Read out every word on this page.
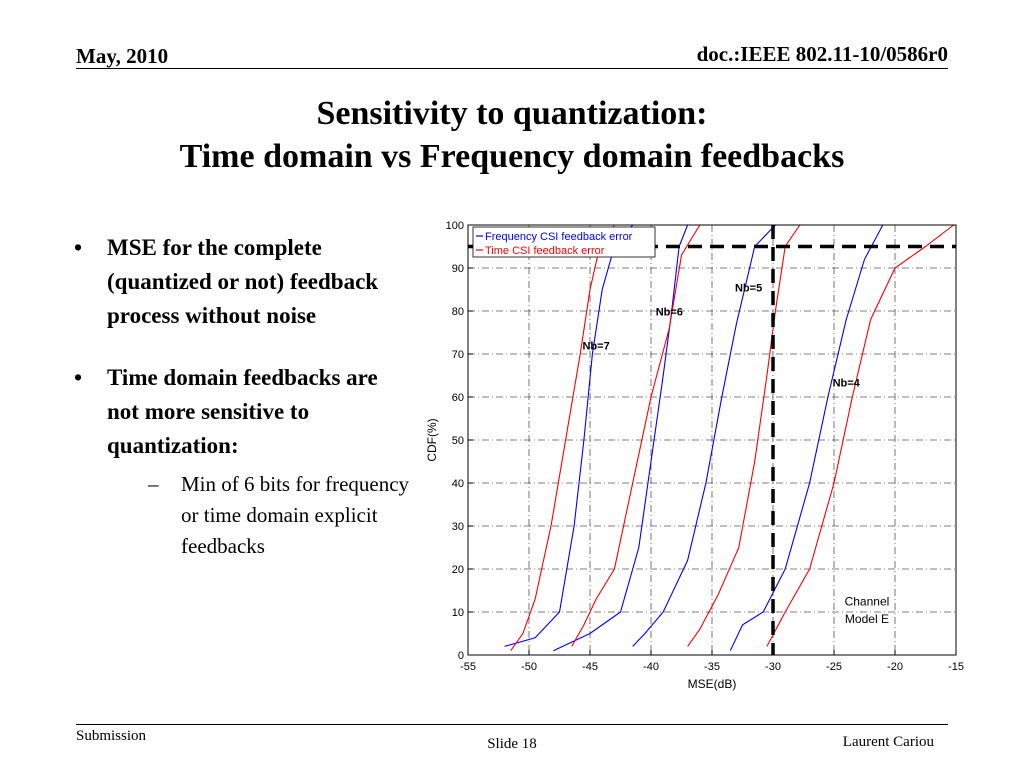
May, 2010	doc.:IEEE 802.11-10/0586r0
Sensitivity to quantization:
Time domain vs Frequency domain feedbacks
• MSE for the complete (quantized or not) feedback process without noise
• Time domain feedbacks are not more sensitive to quantization:
– Min of 6 bits for frequency or time domain explicit feedbacks
-55	-50	-45	-40	-35	-30	-25	-20	-15
0
10
20
30
40
50
60
70
80
90
100
MSE(dB)
CDF(%)
Frequency CSI feedback error
Time CSI feedback error
Nb=7
Nb=6
Nb=5
Nb=4
Channel
Model E
Submission	Slide 18	Laurent Cariou
